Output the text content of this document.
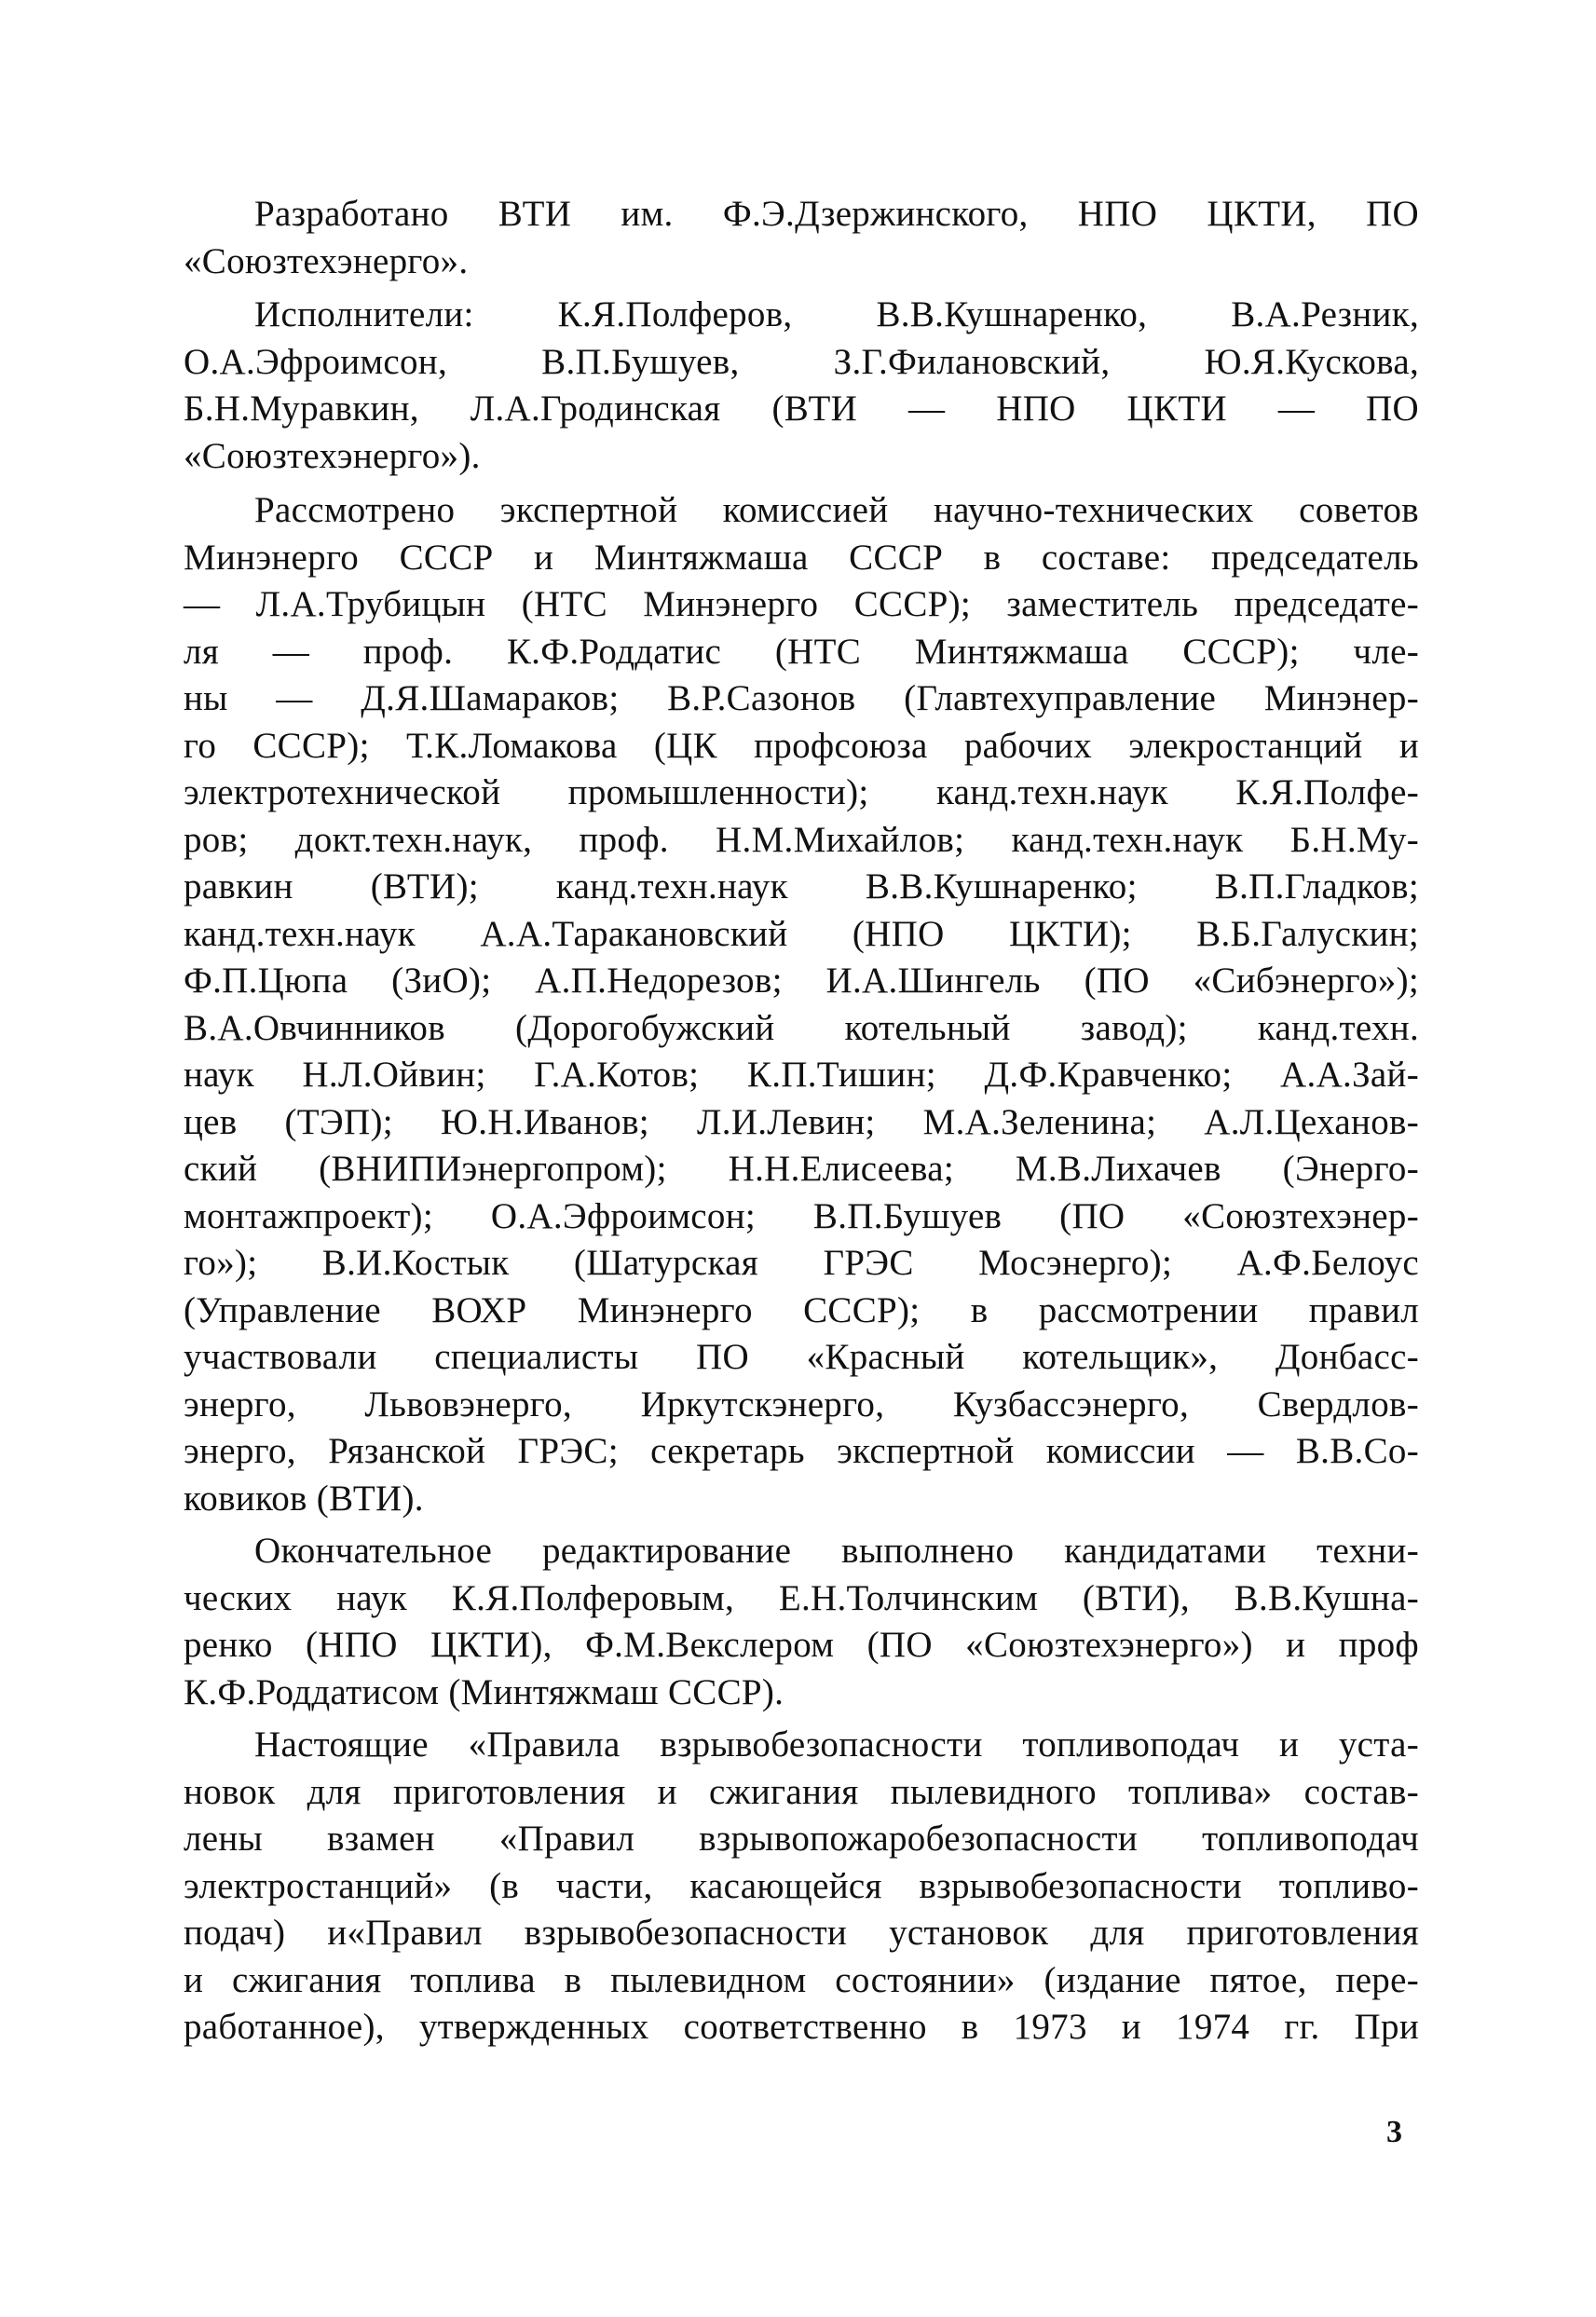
Разработано ВТИ им. Ф.Э.Дзержинского, НПО ЦКТИ, ПО
«Союзтехэнерго».
Исполнители: К.Я.Полферов, В.В.Кушнаренко, В.А.Резник,
О.А.Эфроимсон, В.П.Бушуев, З.Г.Филановский, Ю.Я.Кускова,
Б.Н.Муравкин, Л.А.Гродинская (ВТИ — НПО ЦКТИ — ПО
«Союзтехэнерго»).
Рассмотрено экспертной комиссией научно-технических советов
Минэнерго СССР и Минтяжмаша СССР в составе: председатель
— Л.А.Трубицын (НТС Минэнерго СССР); заместитель председате-
ля — проф. К.Ф.Роддатис (НТС Минтяжмаша СССР); чле-
ны — Д.Я.Шамараков; В.Р.Сазонов (Главтехуправление Минэнер-
го СССР); Т.К.Ломакова (ЦК профсоюза рабочих элекростанций и
электротехнической промышленности); канд.техн.наук К.Я.Полфе-
ров; докт.техн.наук, проф. Н.М.Михайлов; канд.техн.наук Б.Н.Му-
равкин (ВТИ); канд.техн.наук В.В.Кушнаренко; В.П.Гладков;
канд.техн.наук А.А.Таракановский (НПО ЦКТИ); В.Б.Галускин;
Ф.П.Цюпа (ЗиО); А.П.Недорезов; И.А.Шингель (ПО «Сибэнерго»);
В.А.Овчинников (Дорогобужский котельный завод); канд.техн.
наук Н.Л.Ойвин; Г.А.Котов; К.П.Тишин; Д.Ф.Кравченко; А.А.Зай-
цев (ТЭП); Ю.Н.Иванов; Л.И.Левин; М.А.Зеленина; А.Л.Цеханов-
ский (ВНИПИэнергопром); Н.Н.Елисеева; М.В.Лихачев (Энерго-
монтажпроект); О.А.Эфроимсон; В.П.Бушуев (ПО «Союзтехэнер-
го»); В.И.Костык (Шатурская ГРЭС Мосэнерго); А.Ф.Белоус
(Управление ВОХР Минэнерго СССР); в рассмотрении правил
участвовали специалисты ПО «Красный котельщик», Донбасс-
энерго, Львовэнерго, Иркутскэнерго, Кузбассэнерго, Свердлов-
энерго, Рязанской ГРЭС; секретарь экспертной комиссии — В.В.Со-
ковиков (ВТИ).
Окончательное редактирование выполнено кандидатами техни-
ческих наук К.Я.Полферовым, Е.Н.Толчинским (ВТИ), В.В.Кушна-
ренко (НПО ЦКТИ), Ф.М.Векслером (ПО «Союзтехэнерго») и проф
К.Ф.Роддатисом (Минтяжмаш СССР).
Настоящие «Правила взрывобезопасности топливоподач и уста-
новок для приготовления и сжигания пылевидного топлива» состав-
лены взамен «Правил взрывопожаробезопасности топливоподач
электростанций» (в части, касающейся взрывобезопасности топливо-
подач) и«Правил взрывобезопасности установок для приготовления
и сжигания топлива в пылевидном состоянии» (издание пятое, пере-
работанное), утвержденных соответственно в 1973 и 1974 гг. При
3
